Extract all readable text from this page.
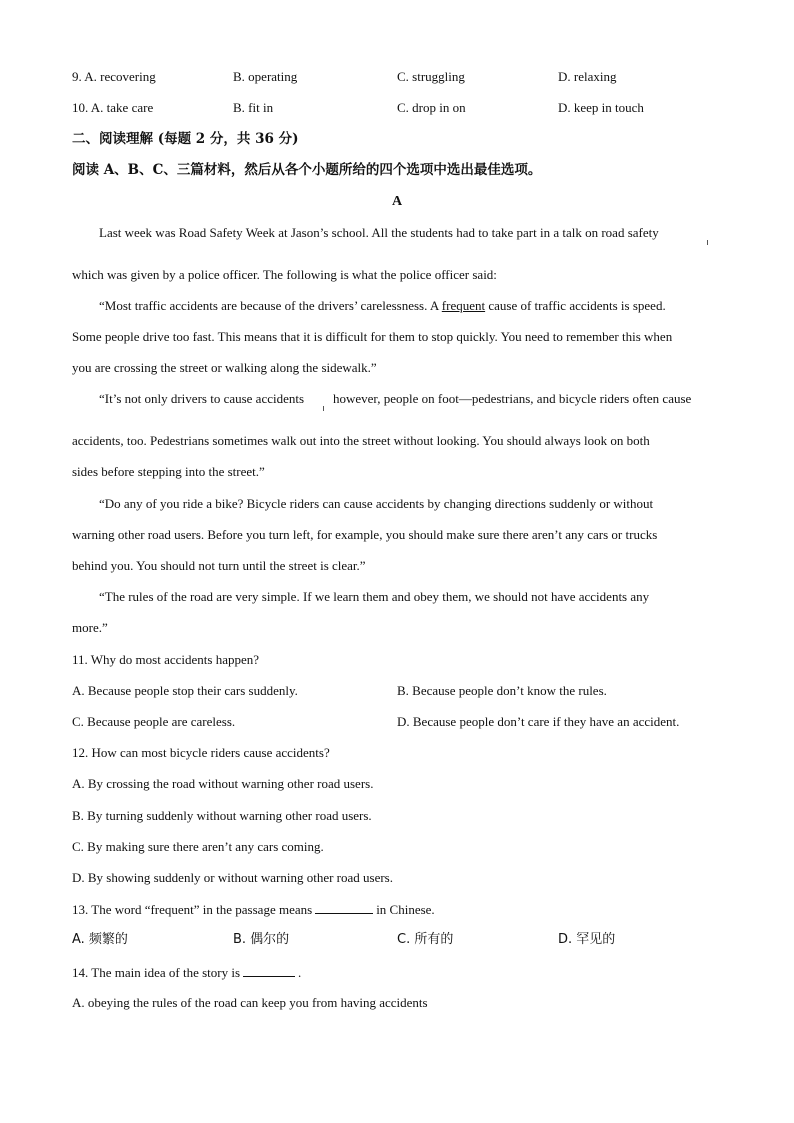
9. A. recovering	B. operating	C. struggling	D. relaxing
10. A. take care	B. fit in	C. drop in on	D. keep in touch
二、阅读理解 (每题 2 分，共 36 分)
阅读 A、B、C、三篇材料，然后从各个小题所给的四个选项中选出最佳选项。
A
Last week was Road Safety Week at Jason’s school. All the students had to take part in a talk on road safety
which was given by a police officer. The following is what the police officer said:
“Most traffic accidents are because of the drivers’ carelessness. A frequent cause of traffic accidents is speed.
Some people drive too fast. This means that it is difficult for them to stop quickly. You need to remember this when
you are crossing the street or walking along the sidewalk.”
“It’s not only drivers to cause accidents however, people on foot—pedestrians, and bicycle riders often cause
accidents, too. Pedestrians sometimes walk out into the street without looking. You should always look on both
sides before stepping into the street.”
“Do any of you ride a bike? Bicycle riders can cause accidents by changing directions suddenly or without
warning other road users. Before you turn left, for example, you should make sure there aren’t any cars or trucks
behind you. You should not turn until the street is clear.”
“The rules of the road are very simple. If we learn them and obey them, we should not have accidents any
more.”
11. Why do most accidents happen?
A. Because people stop their cars suddenly.	B. Because people don’t know the rules.
C. Because people are careless.	D. Because people don’t care if they have an accident.
12. How can most bicycle riders cause accidents?
A. By crossing the road without warning other road users.
B. By turning suddenly without warning other road users.
C. By making sure there aren’t any cars coming.
D. By showing suddenly or without warning other road users.
13. The word “frequent” in the passage means	in Chinese.
A. 频繁的	B. 偶尔的	C. 所有的	D. 罕见的
14. The main idea of the story is	.
A. obeying the rules of the road can keep you from having accidents
